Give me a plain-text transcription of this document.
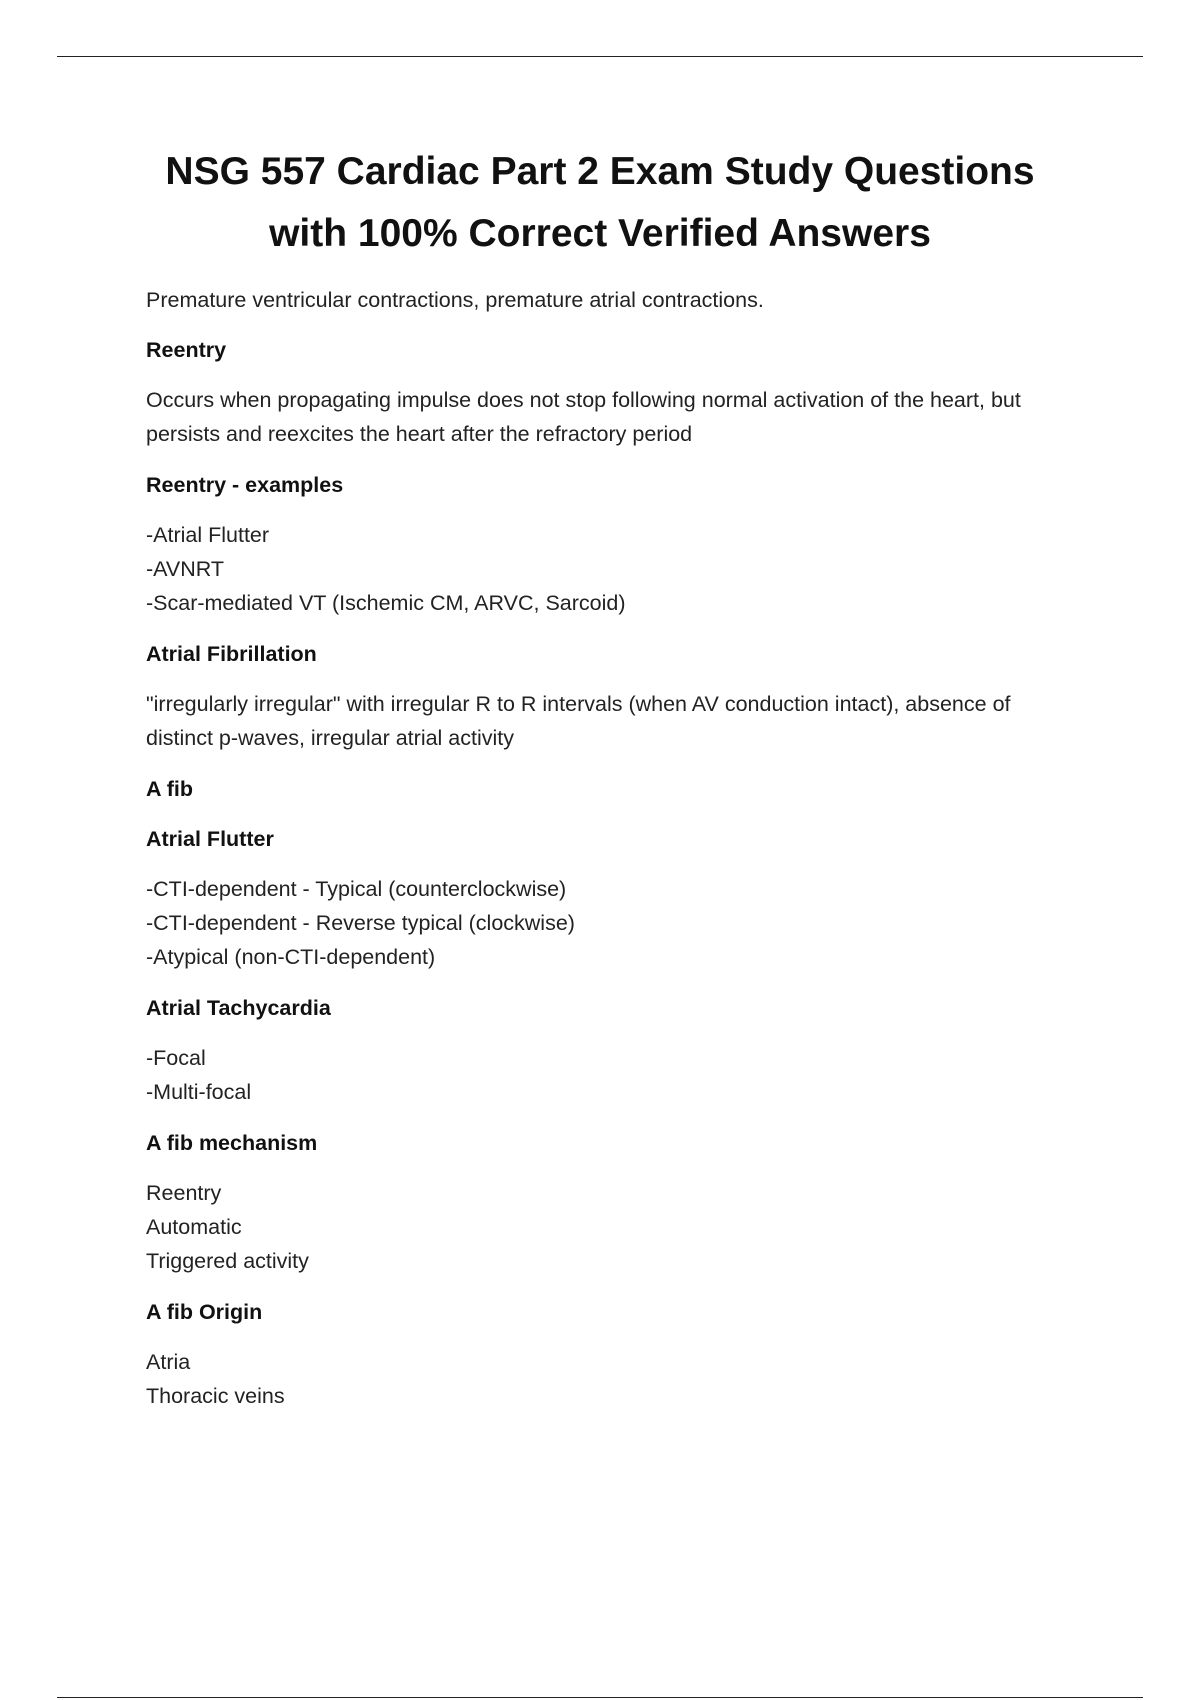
NSG 557 Cardiac Part 2 Exam Study Questions
with 100% Correct Verified Answers

Premature ventricular contractions, premature atrial contractions.

Reentry

Occurs when propagating impulse does not stop following normal activation of the heart, but persists and reexcites the heart after the refractory period

Reentry - examples

-Atrial Flutter
-AVNRT
-Scar-mediated VT (Ischemic CM, ARVC, Sarcoid)

Atrial Fibrillation

"irregularly irregular" with irregular R to R intervals (when AV conduction intact), absence of distinct p-waves, irregular atrial activity

A fib

Atrial Flutter

-CTI-dependent - Typical (counterclockwise)
-CTI-dependent - Reverse typical (clockwise)
-Atypical (non-CTI-dependent)

Atrial Tachycardia

-Focal
-Multi-focal

A fib mechanism

Reentry
Automatic
Triggered activity

A fib Origin

Atria
Thoracic veins
